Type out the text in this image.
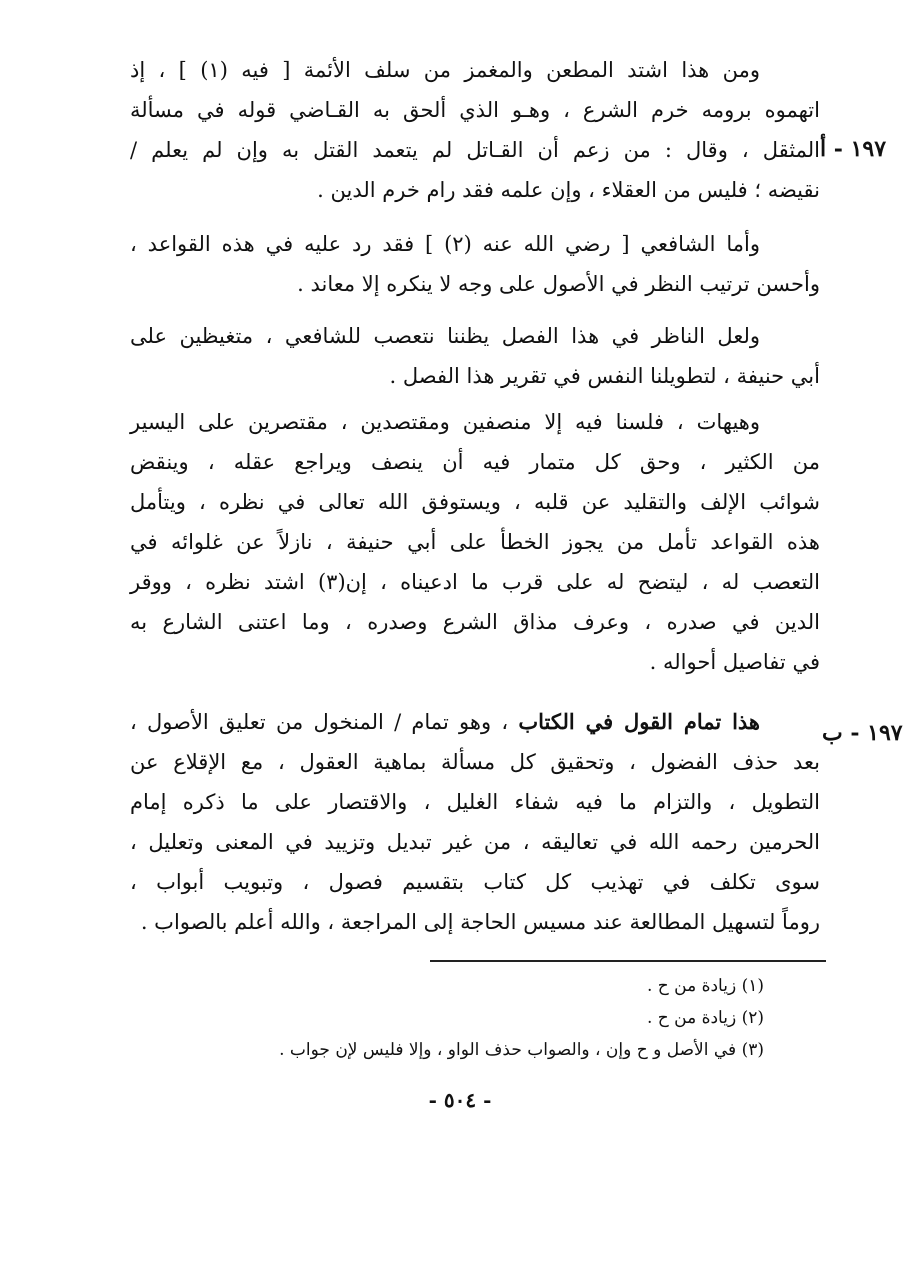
١٩٧ - أ
١٩٧ - ب
ومن هذا اشتد المطعن والمغمز من سلف الأئمة [ فيه (١) ] ، إذ
اتهموه برومه خرم الشرع ، وهـو الذي ألحق به القـاضي قوله في مسألة
المثقل ، وقال : من زعم أن القـاتل لم يتعمد القتل به وإن لم يعلم /
نقيضه ؛ فليس من العقلاء ، وإن علمه فقد رام خرم الدين .
وأما الشافعي [ رضي الله عنه (٢) ] فقد رد عليه في هذه القواعد ،
وأحسن ترتيب النظر في الأصول على وجه لا ينكره إلا معاند .
ولعل الناظر في هذا الفصل يظننا نتعصب للشافعي ، متغيظين على
أبي حنيفة ، لتطويلنا النفس في تقرير هذا الفصل .
وهيهات ، فلسنا فيه إلا منصفين ومقتصدين ، مقتصرين على اليسير
من الكثير ، وحق كل متمار فيه أن ينصف ويراجع عقله ، وينقض
شوائب الإلف والتقليد عن قلبه ، ويستوفق الله تعالى في نظره ، ويتأمل
هذه القواعد تأمل من يجوز الخطأ على أبي حنيفة ، نازلاً عن غلوائه في
التعصب له ، ليتضح له على قرب ما ادعيناه ، إن(٣) اشتد نظره ، ووقر
الدين في صدره ، وعرف مذاق الشرع وصدره ، وما اعتنى الشارع به
في تفاصيل أحواله .
هذا تمام القول في الكتاب ، وهو تمام / المنخول من تعليق الأصول ،
بعد حذف الفضول ، وتحقيق كل مسألة بماهية العقول ، مع الإقلاع عن
التطويل ، والتزام ما فيه شفاء الغليل ، والاقتصار على ما ذكره إمام
الحرمين رحمه الله في تعاليقه ، من غير تبديل وتزييد في المعنى وتعليل ،
سوى تكلف في تهذيب كل كتاب بتقسيم فصول ، وتبويب أبواب ،
روماً لتسهيل المطالعة عند مسيس الحاجة إلى المراجعة ، والله أعلم بالصواب .
(١) زيادة من ح .
(٢) زيادة من ح .
(٣) في الأصل و ح وإن ، والصواب حذف الواو ، وإلا فليس لإن جواب .
- ٥٠٤ -
